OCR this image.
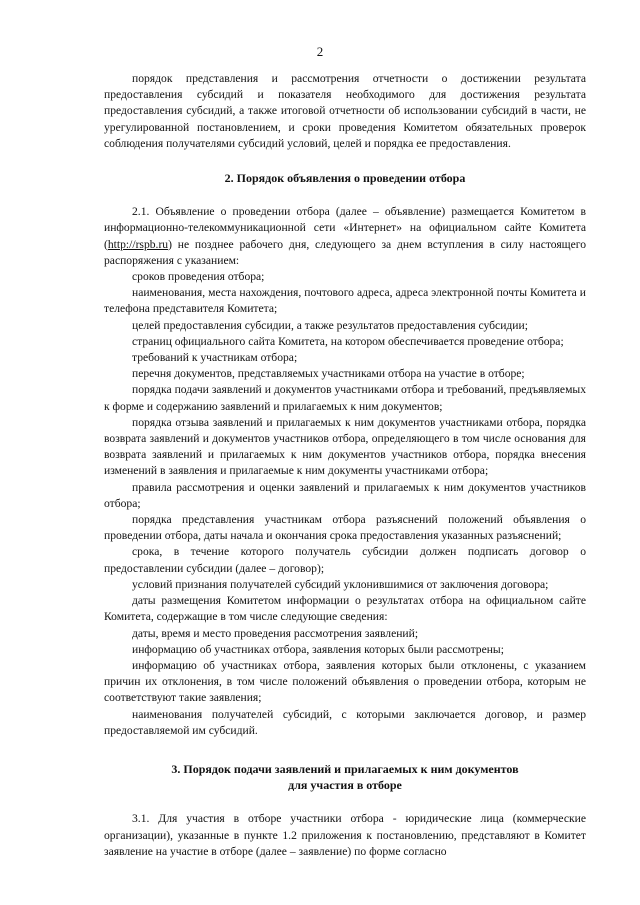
2

порядок представления и рассмотрения отчетности о достижении результата предоставления субсидий и показателя необходимого для достижения результата предоставления субсидий, а также итоговой отчетности об использовании субсидий в части, не урегулированной постановлением, и сроки проведения Комитетом обязательных проверок соблюдения получателями субсидий условий, целей и порядка ее предоставления.

2. Порядок объявления о проведении отбора

2.1. Объявление о проведении отбора (далее – объявление) размещается Комитетом в информационно-телекоммуникационной сети «Интернет» на официальном сайте Комитета (http://rspb.ru) не позднее рабочего дня, следующего за днем вступления в силу настоящего распоряжения с указанием:

сроков проведения отбора;

наименования, места нахождения, почтового адреса, адреса электронной почты Комитета и телефона представителя Комитета;

целей предоставления субсидии, а также результатов предоставления субсидии;

страниц официального сайта Комитета, на котором обеспечивается проведение отбора;

требований к участникам отбора;

перечня документов, представляемых участниками отбора на участие в отборе;

порядка подачи заявлений и документов участниками отбора и требований, предъявляемых к форме и содержанию заявлений и прилагаемых к ним документов;

порядка отзыва заявлений и прилагаемых к ним документов участниками отбора, порядка возврата заявлений и документов участников отбора, определяющего в том числе основания для возврата заявлений и прилагаемых к ним документов участников отбора, порядка внесения изменений в заявления и прилагаемые к ним документы участниками отбора;

правила рассмотрения и оценки заявлений и прилагаемых к ним документов участников отбора;

порядка представления участникам отбора разъяснений положений объявления о проведении отбора, даты начала и окончания срока предоставления указанных разъяснений;

срока, в течение которого получатель субсидии должен подписать договор о предоставлении субсидии (далее – договор);

условий признания получателей субсидий уклонившимися от заключения договора;

даты размещения Комитетом информации о результатах отбора на официальном сайте Комитета, содержащие в том числе следующие сведения:

даты, время и место проведения рассмотрения заявлений;

информацию об участниках отбора, заявления которых были рассмотрены;

информацию об участниках отбора, заявления которых были отклонены, с указанием причин их отклонения, в том числе положений объявления о проведении отбора, которым не соответствуют такие заявления;

наименования получателей субсидий, с которыми заключается договор, и размер предоставляемой им субсидий.

3. Порядок подачи заявлений и прилагаемых к ним документов

для участия в отборе

3.1. Для участия в отборе участники отбора - юридические лица (коммерческие организации), указанные в пункте 1.2 приложения к постановлению, представляют в Комитет заявление на участие в отборе (далее – заявление) по форме согласно
